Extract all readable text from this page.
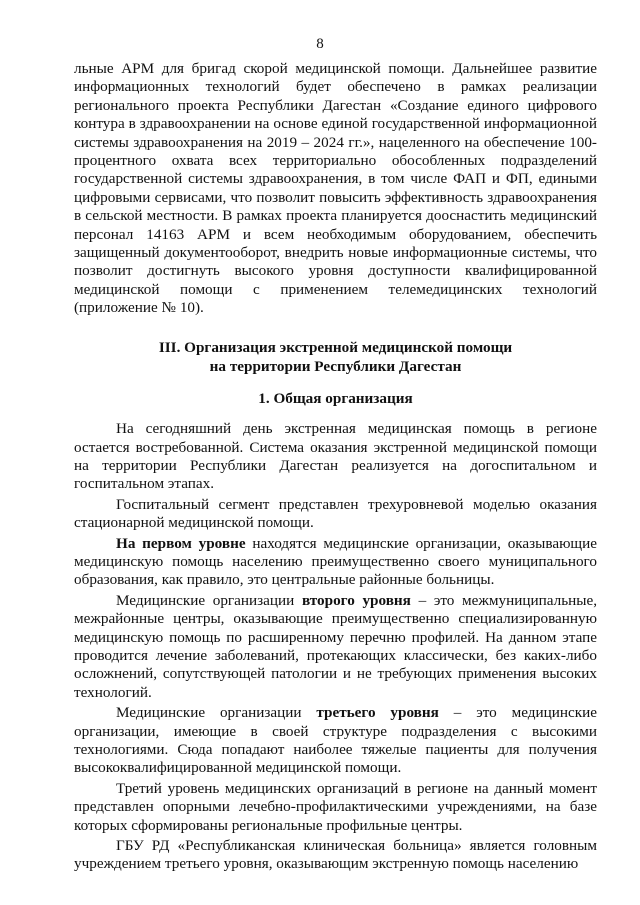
8

льные АРМ для бригад скорой медицинской помощи. Дальнейшее развитие информационных технологий будет обеспечено в рамках реализации регионального проекта Республики Дагестан «Создание единого цифрового контура в здравоохранении на основе единой государственной информационной системы здравоохранения на 2019 – 2024 гг.», нацеленного на обеспечение 100-процентного охвата всех территориально обособленных подразделений государственной системы здравоохранения, в том числе ФАП и ФП, едиными цифровыми сервисами, что позволит повысить эффективность здравоохранения в сельской местности. В рамках проекта планируется дооснастить медицинский персонал 14163 АРМ и всем необходимым оборудованием, обеспечить защищенный документооборот, внедрить новые информационные системы, что позволит достигнуть высокого уровня доступности квалифицированной медицинской помощи с применением телемедицинских технологий (приложение № 10).

III. Организация экстренной медицинской помощи
на территории Республики Дагестан

1. Общая организация

На сегодняшний день экстренная медицинская помощь в регионе остается востребованной. Система оказания экстренной медицинской помощи на территории Республики Дагестан реализуется на догоспитальном и госпитальном этапах.

Госпитальный сегмент представлен трехуровневой моделью оказания стационарной медицинской помощи.

На первом уровне находятся медицинские организации, оказывающие медицинскую помощь населению преимущественно своего муниципального образования, как правило, это центральные районные больницы.

Медицинские организации второго уровня – это межмуниципальные, межрайонные центры, оказывающие преимущественно специализированную медицинскую помощь по расширенному перечню профилей. На данном этапе проводится лечение заболеваний, протекающих классически, без каких-либо осложнений, сопутствующей патологии и не требующих применения высоких технологий.

Медицинские организации третьего уровня – это медицинские организации, имеющие в своей структуре подразделения с высокими технологиями. Сюда попадают наиболее тяжелые пациенты для получения высококвалифицированной медицинской помощи.

Третий уровень медицинских организаций в регионе на данный момент представлен опорными лечебно-профилактическими учреждениями, на базе которых сформированы региональные профильные центры.

ГБУ РД «Республиканская клиническая больница» является головным учреждением третьего уровня, оказывающим экстренную помощь населению
